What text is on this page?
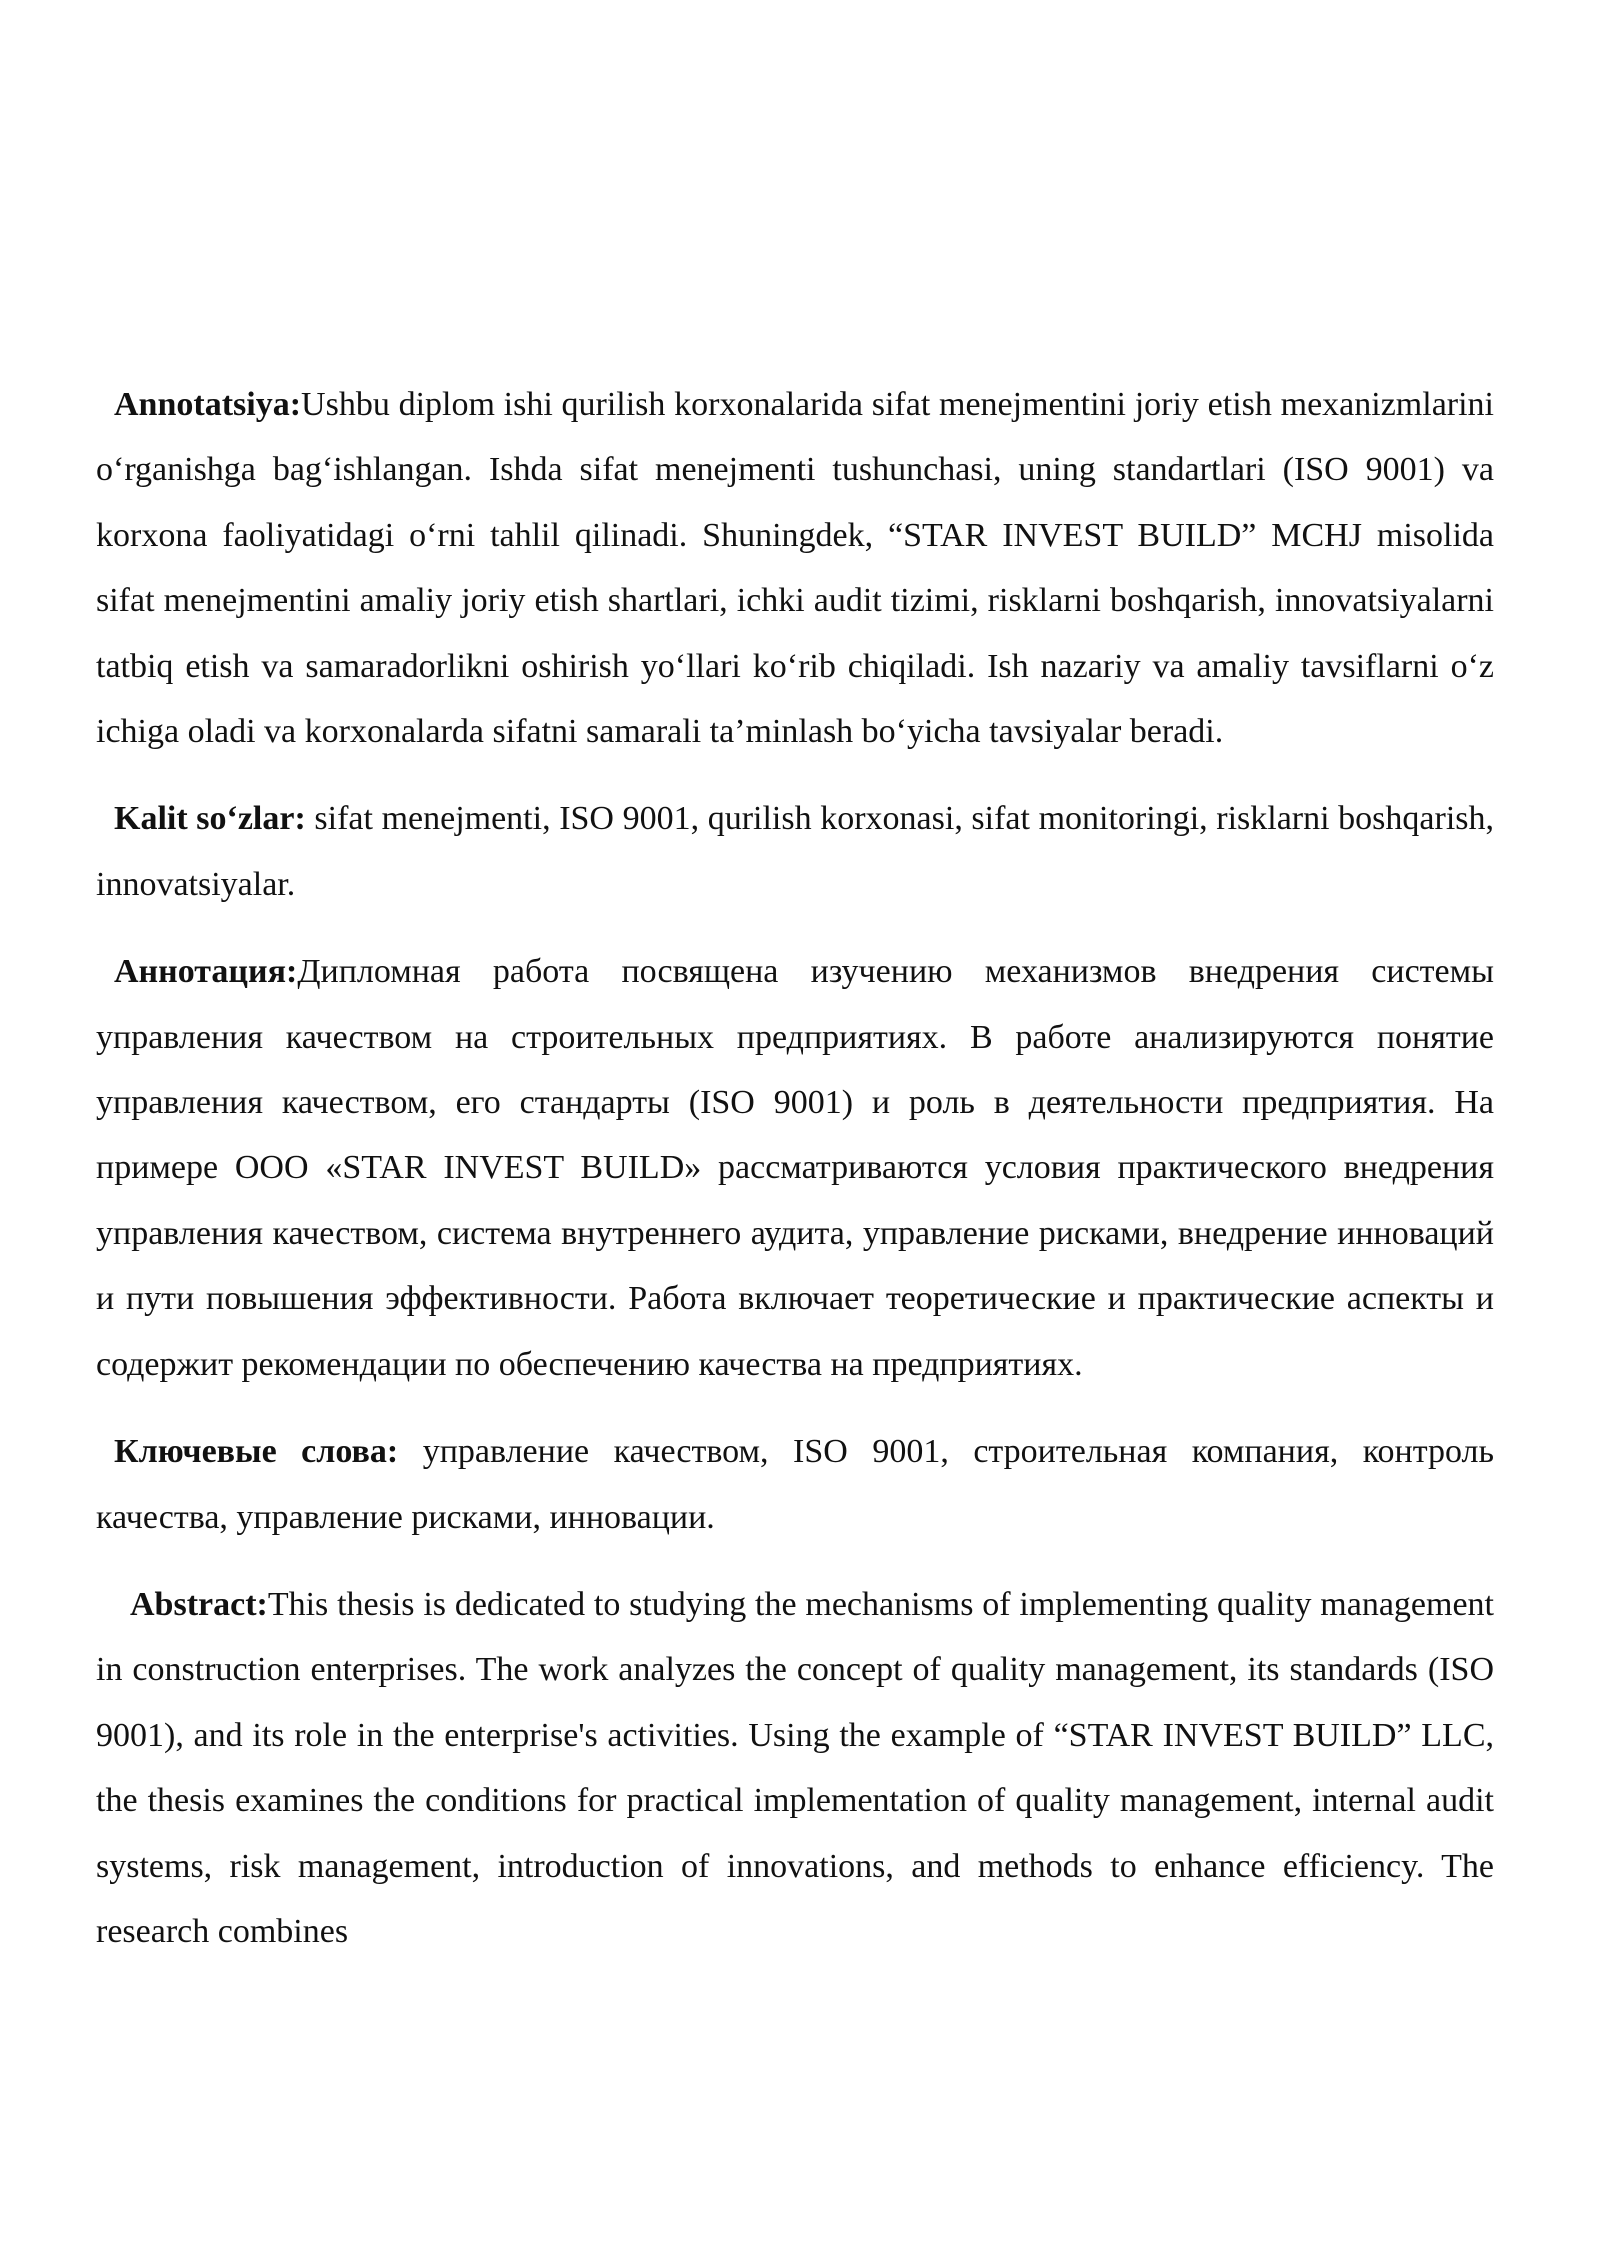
Annotatsiya:Ushbu diplom ishi qurilish korxonalarida sifat menejmentini joriy etish mexanizmlarini o‘rganishga bag‘ishlangan. Ishda sifat menejmenti tushunchasi, uning standartlari (ISO 9001) va korxona faoliyatidagi o‘rni tahlil qilinadi. Shuningdek, “STAR INVEST BUILD” MCHJ misolida sifat menejmentini amaliy joriy etish shartlari, ichki audit tizimi, risklarni boshqarish, innovatsiyalarni tatbiq etish va samaradorlikni oshirish yo‘llari ko‘rib chiqiladi. Ish nazariy va amaliy tavsiflarni o‘z ichiga oladi va korxonalarda sifatni samarali ta’minlash bo‘yicha tavsiyalar beradi.

Kalit so‘zlar: sifat menejmenti, ISO 9001, qurilish korxonasi, sifat monitoringi, risklarni boshqarish, innovatsiyalar.

Аннотация:Дипломная работа посвящена изучению механизмов внедрения системы управления качеством на строительных предприятиях. В работе анализируются понятие управления качеством, его стандарты (ISO 9001) и роль в деятельности предприятия. На примере ООО «STAR INVEST BUILD» рассматриваются условия практического внедрения управления качеством, система внутреннего аудита, управление рисками, внедрение инноваций и пути повышения эффективности. Работа включает теоретические и практические аспекты и содержит рекомендации по обеспечению качества на предприятиях.

Ключевые слова: управление качеством, ISO 9001, строительная компания, контроль качества, управление рисками, инновации.

Abstract:This thesis is dedicated to studying the mechanisms of implementing quality management in construction enterprises. The work analyzes the concept of quality management, its standards (ISO 9001), and its role in the enterprise's activities. Using the example of “STAR INVEST BUILD” LLC, the thesis examines the conditions for practical implementation of quality management, internal audit systems, risk management, introduction of innovations, and methods to enhance efficiency. The research combines
